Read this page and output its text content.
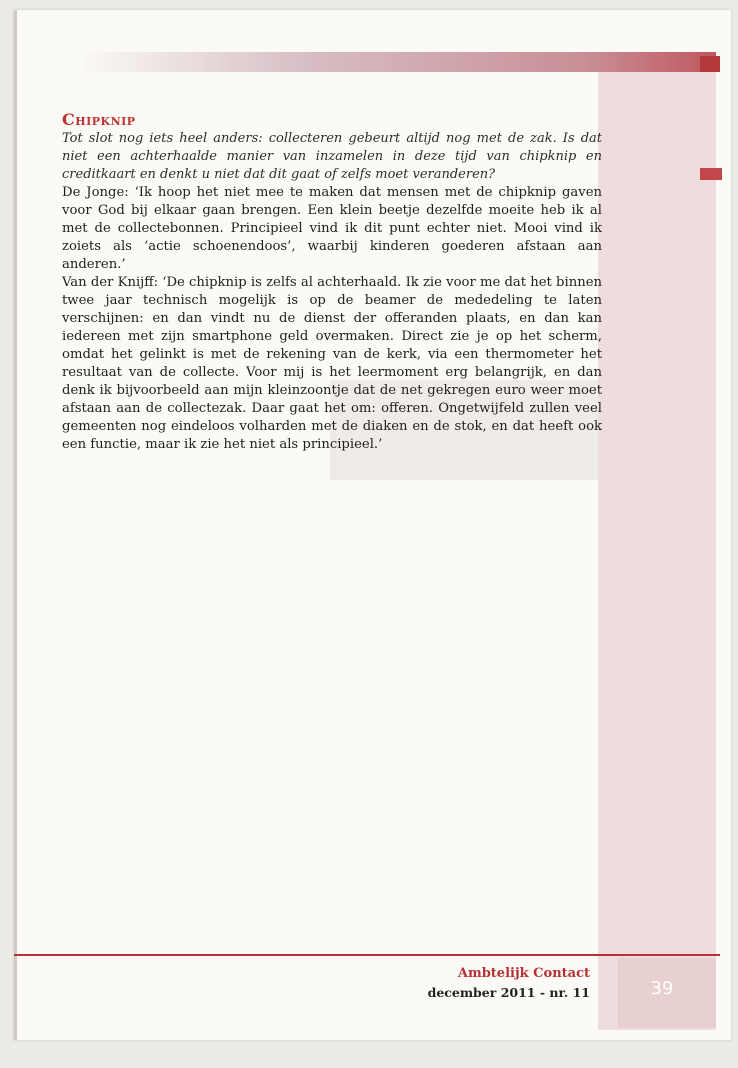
Chipknip

Tot slot nog iets heel anders: collecteren gebeurt altijd nog met de zak. Is dat niet een achterhaalde manier van inzamelen in deze tijd van chipknip en creditkaart en denkt u niet dat dit gaat of zelfs moet veranderen?

De Jonge: ‘Ik hoop het niet mee te maken dat mensen met de chipknip gaven voor God bij elkaar gaan brengen. Een klein beetje dezelfde moeite heb ik al met de collectebonnen. Principieel vind ik dit punt echter niet. Mooi vind ik zoiets als ‘actie schoenendoos’, waarbij kinderen goederen afstaan aan anderen.’

Van der Knijff: ‘De chipknip is zelfs al achterhaald. Ik zie voor me dat het binnen twee jaar technisch mogelijk is op de beamer de mededeling te laten verschijnen: en dan vindt nu de dienst der offeranden plaats, en dan kan iedereen met zijn smartphone geld overmaken. Direct zie je op het scherm, omdat het gelinkt is met de rekening van de kerk, via een thermometer het resultaat van de collecte. Voor mij is het leermoment erg belangrijk, en dan denk ik bijvoorbeeld aan mijn kleinzoontje dat de net gekregen euro weer moet afstaan aan de collectezak. Daar gaat het om: offeren. Ongetwijfeld zullen veel gemeenten nog eindeloos volharden met de diaken en de stok, en dat heeft ook een functie, maar ik zie het niet als principieel.’

Ambtelijk Contact
december 2011 - nr. 11	39
